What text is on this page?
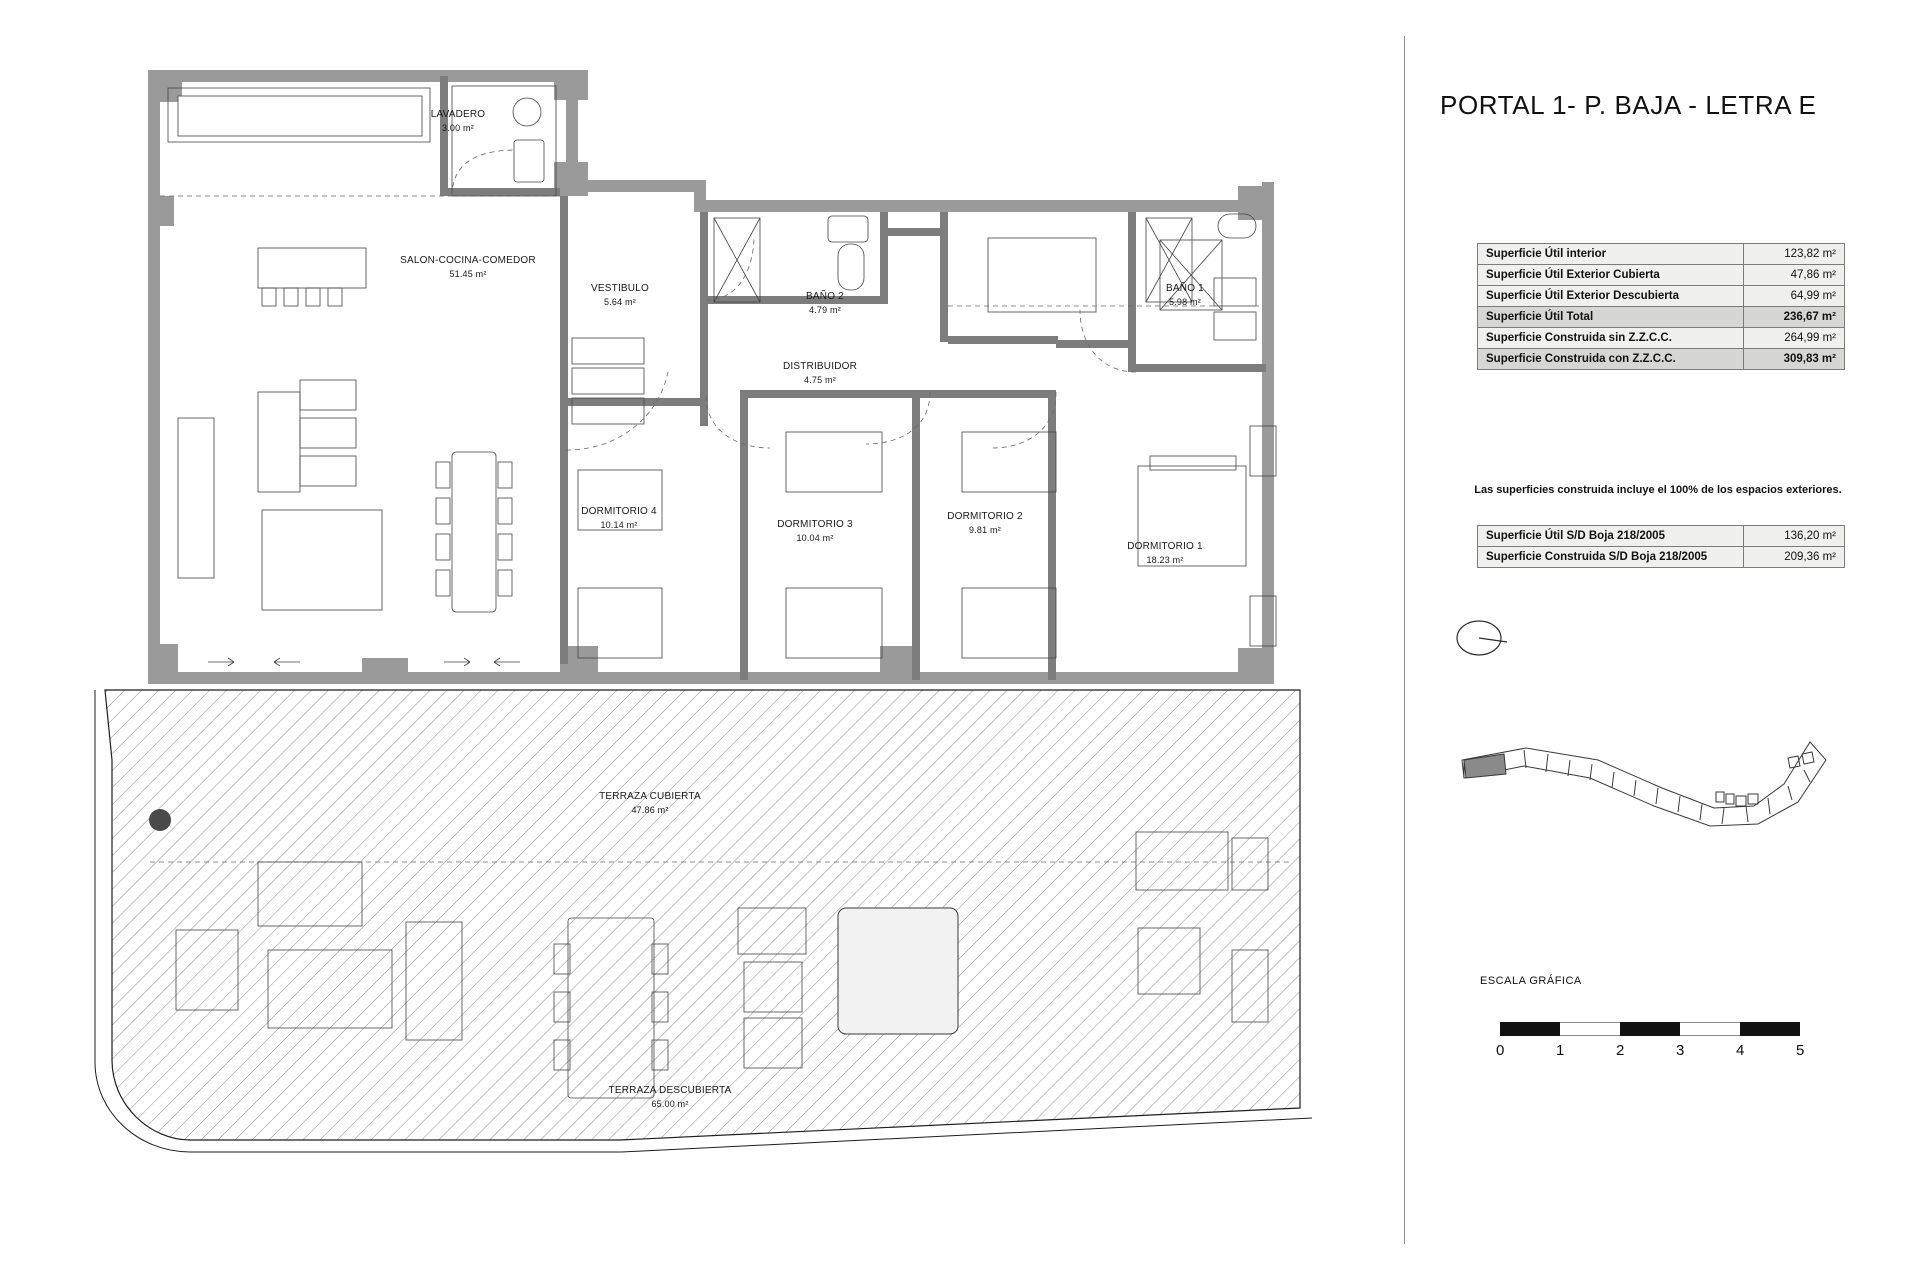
LAVADERO
3.00 m²
SALON-COCINA-COMEDOR
51.45 m²
VESTIBULO
5.64 m²	BAÑO 2
4.79 m²
BAÑO 1
5.98 m²
DISTRIBUIDOR
4.75 m²
DORMITORIO 4
10.14 m²	DORMITORIO 3
10.04 m²
DORMITORIO 2
9.81 m²
DORMITORIO 1
18.23 m²
TERRAZA CUBIERTA
47.86 m²
TERRAZA DESCUBIERTA
65.00 m²
PORTAL 1- P. BAJA - LETRA E
Superficie Útil interior	123,82 m²
Superficie Útil Exterior Cubierta	47,86 m²
Superficie Útil Exterior Descubierta	64,99 m²
Superficie Útil Total	236,67 m²
Superficie Construida sin Z.Z.C.C.	264,99 m²
Superficie Construida con Z.Z.C.C.	309,83 m²
Las superficies construida incluye el 100% de los espacios exteriores.
Superficie Útil S/D Boja 218/2005	136,20 m²
Superficie Construida S/D Boja 218/2005	209,36 m²
ESCALA GRÁFICA
0	1	2	3	4	5
